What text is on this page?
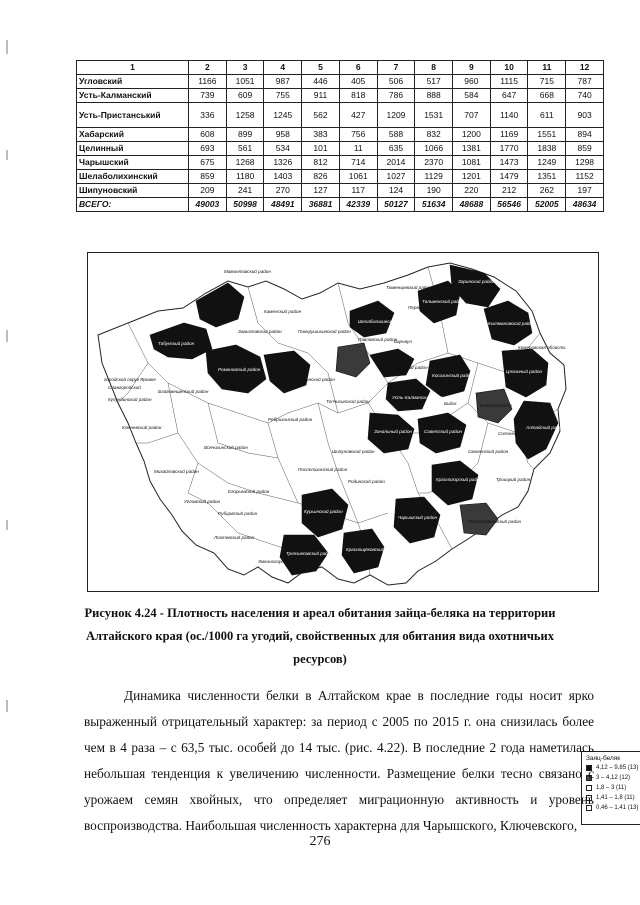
1	2	3	4	5	6	7	8	9	10	11	12
Угловский	1166	1051	987	446	405	506	517	960	1115	715	787
Усть-Калманский	739	609	755	911	818	786	888	584	647	668	740
Усть-Пристанський	336	1258	1245	562	427	1209	1531	707	1140	611	903
Хабарский	608	899	958	383	756	588	832	1200	1169	1551	894
Целинный	693	561	534	101	11	635	1066	1381	1770	1838	859
Чарышский	675	1268	1326	812	714	2014	2370	1081	1473	1249	1298
Шелаболихинский	859	1180	1403	826	1061	1027	1129	1201	1479	1351	1152
Шипуновский	209	241	270	127	117	124	190	220	212	262	197
ВСЕГО:	49003	50998	48491	36881	42339	50127	51634	48688	56546	52005	48634
Мамонтовский район
Табунский район
городской округ Яровое
Славгородский
Кулундинский район
Благовещенский район
Ключевский район
Волчихинский район
Михайловский район
Егорьевский район
Рубцовский район
Локтевский район
Змеиногорский район
Поспелихинский район
Шипуновский район
Ребрихинский район
Топчихинский район
Романовский район
Завьяловский район
Каменский район
Панкрушихинский район
Шелаболихинский район
Павловский район
Барнаул
Тальменский район
Заринский район
Кытмановский район
Кемеровская область
Целинный район
Косихинский район
Калманский район
Усть-Калманский район
Бийск	Бийский район
Солонешенский район
Алтайский район
Смоленский район
Советский район
Зональный район
Красногорский район
Петропавловский район
Чарышский район
Курьинский район
Третьяковский район
Краснощёковский район
Родинский район
Угловский район
Новичихинский район
Первомайский район
Троицкий район
Тюменцевский район
Заяц-беляк
4,12 – 9,85 (13)
3 – 4,12 (12)
1,8 – 3 (11)
1,41 – 1,8 (11)
0,46 – 1,41 (13)
Рисунок 4.24 - Плотность населения и ареал обитания зайца-беляка на территории
Алтайского края (ос./1000 га угодий, свойственных для обитания вида охотничьих
ресурсов)

Динамика численности белки в Алтайском крае в последние годы носит ярко выраженный отрицательный характер: за период с 2005 по 2015 г. она снизилась более чем в 4 раза – с 63,5 тыс. особей до 14 тыс. (рис. 4.22). В последние 2 года наметилась небольшая тенденция к увеличению численности. Размещение белки тесно связано с урожаем семян хвойных, что определяет миграционную активность и уровень воспроизводства. Наибольшая численность характерна для Чарышского, Ключевского,

276
